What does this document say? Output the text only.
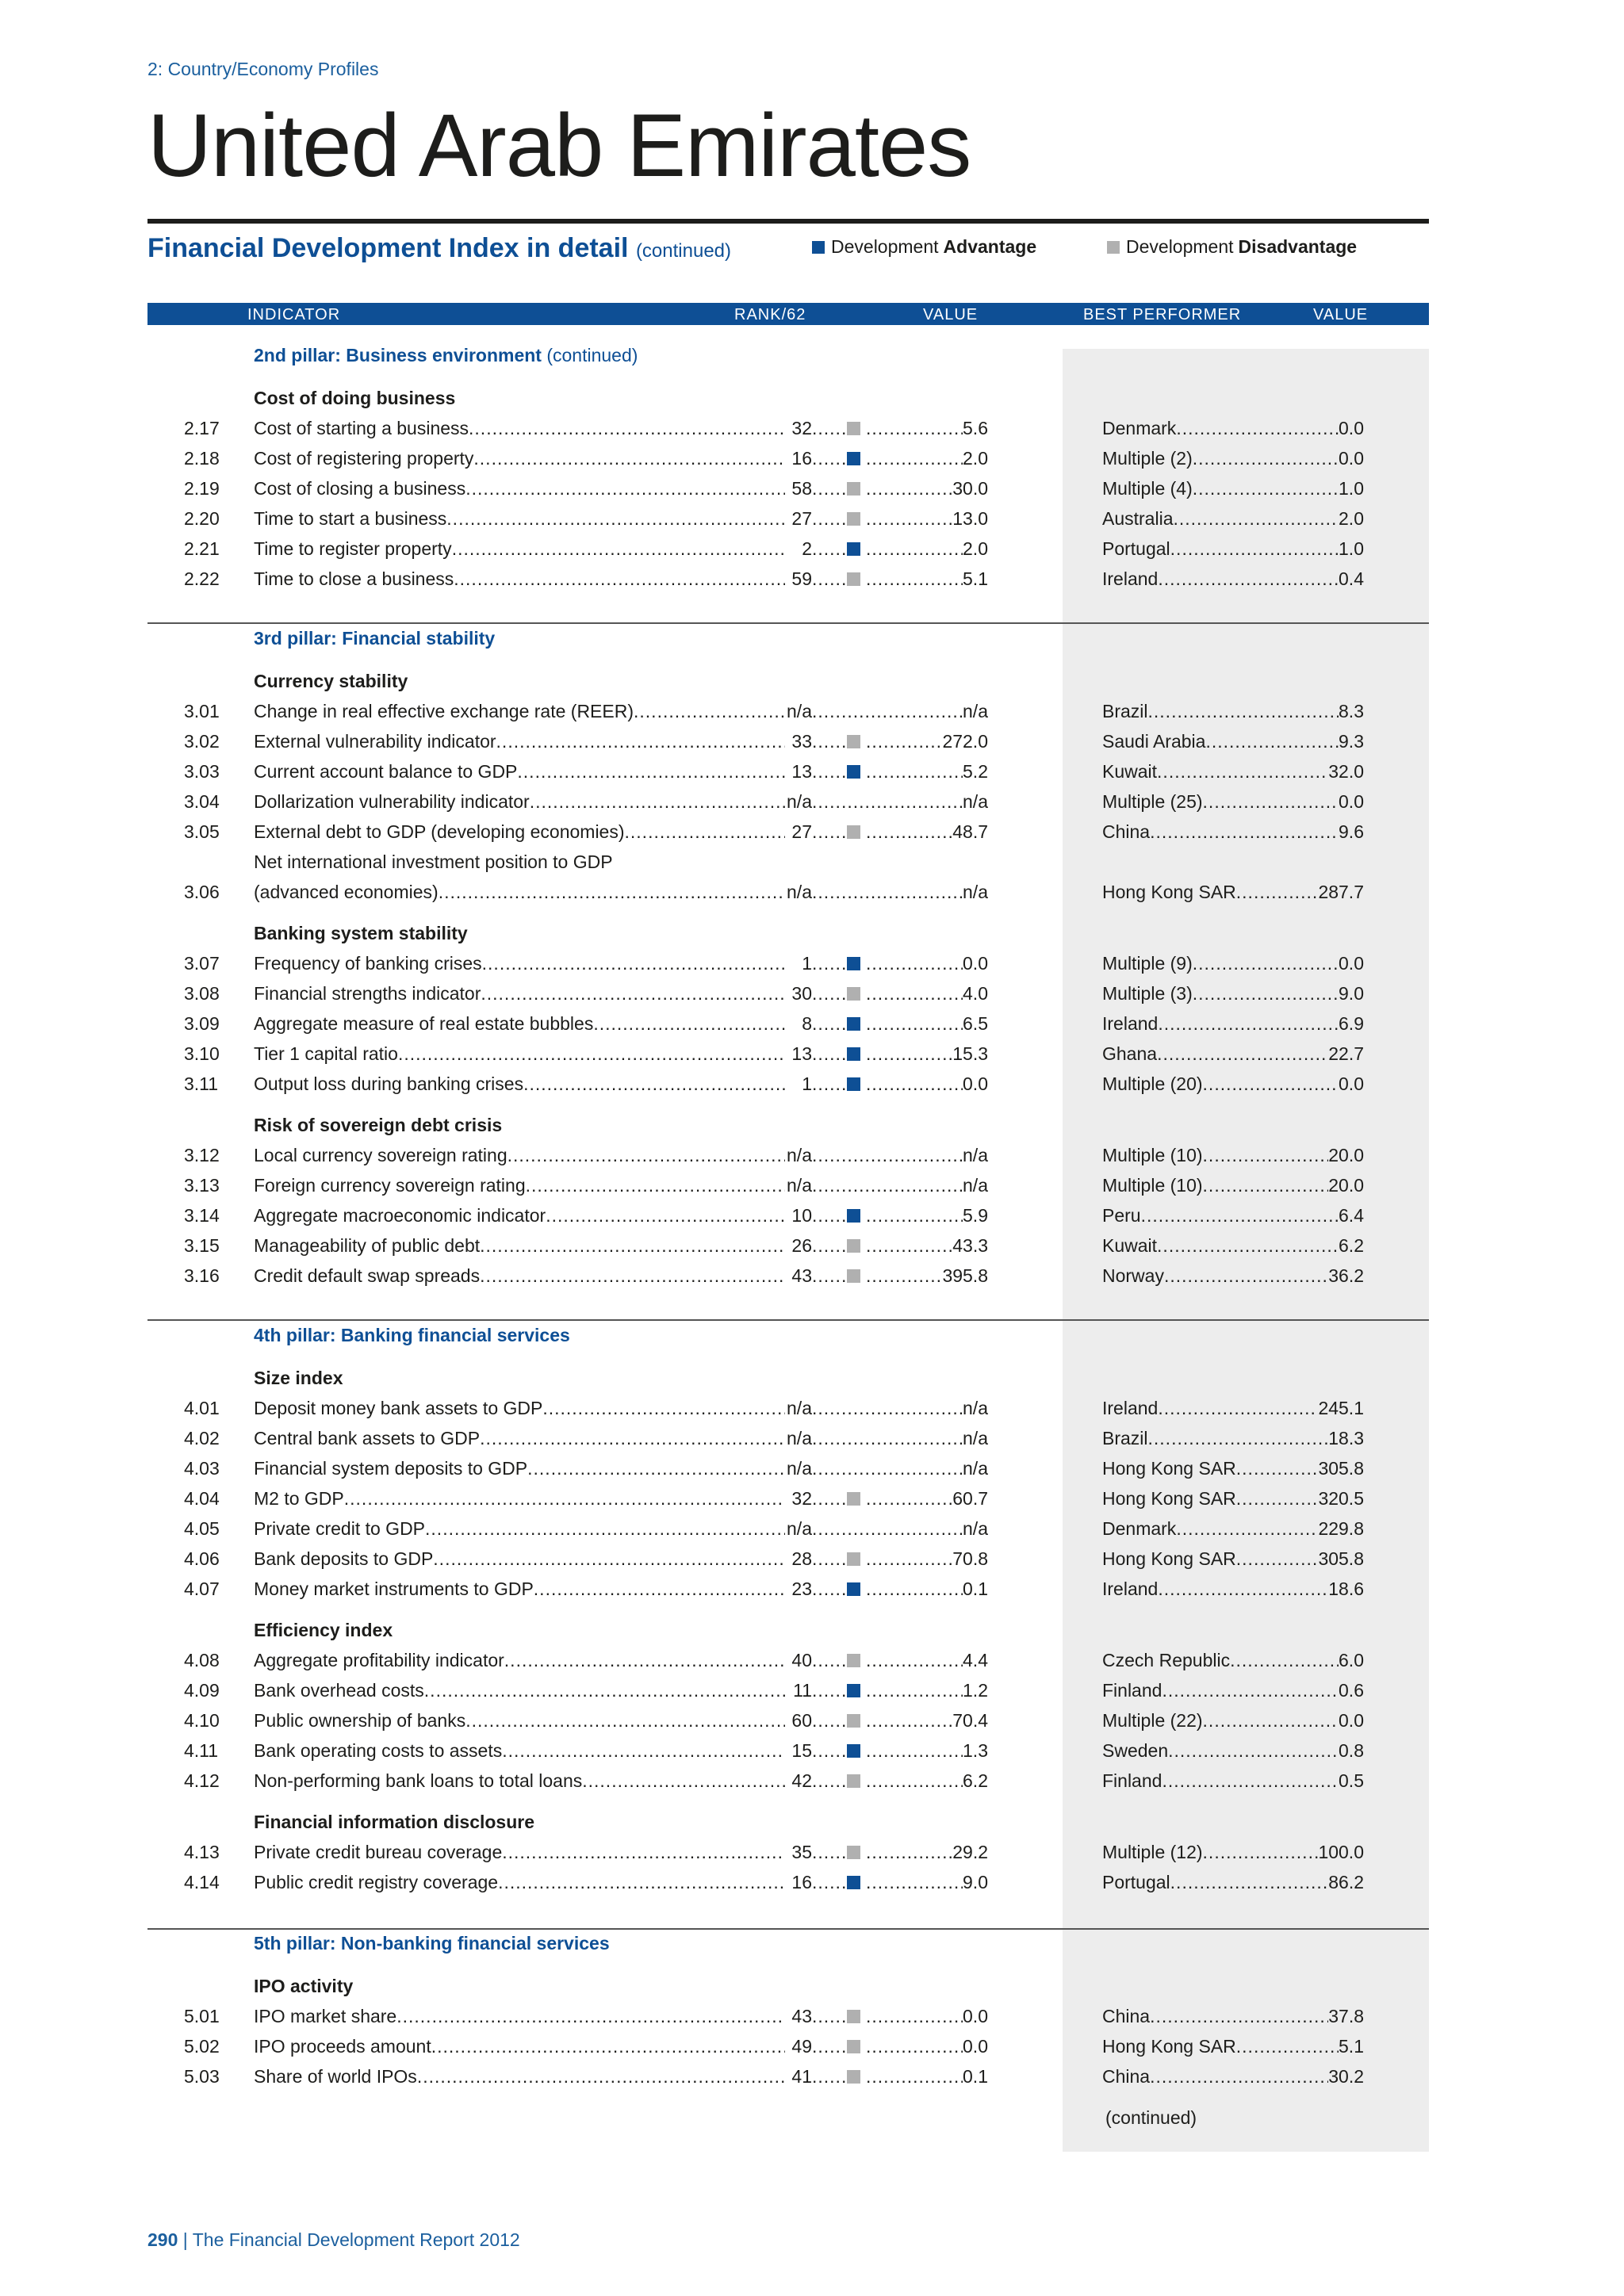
2: Country/Economy Profiles
United Arab Emirates
Financial Development Index in detail (continued)	Development Advantage	Development Disadvantage
INDICATOR	RANK/62	VALUE	BEST PERFORMER	VALUE
2nd pillar: Business environment (continued)
3rd pillar: Financial stability
4th pillar: Banking financial services
5th pillar: Non-banking financial services
Cost of doing business
Currency stability
Banking system stability
Risk of sovereign debt crisis
Size index
Efficiency index
Financial information disclosure
IPO activity
2.17 Cost of starting a business .....	32 ..... .....	5.6	Denmark .....	0.0
2.18 Cost of registering property .....	16 ..... .....	2.0	Multiple (2) .....	0.0
2.19 Cost of closing a business .....	58 ..... .....	30.0	Multiple (4) .....	1.0
2.20 Time to start a business .....	27 ..... .....	13.0	Australia .....	2.0
2.21 Time to register property .....	2 ..... .....	2.0	Portugal .....	1.0
2.22 Time to close a business .....	59 ..... .....	5.1	Ireland .....	0.4
3.01 Change in real effective exchange rate (REER) .....	n/a .....	n/a	Brazil .....	8.3
3.02 External vulnerability indicator .....	33 ..... .....	272.0	Saudi Arabia .....	9.3
3.03 Current account balance to GDP .....	13 ..... .....	5.2	Kuwait .....	32.0
3.04 Dollarization vulnerability indicator .....	n/a .....	n/a	Multiple (25) .....	0.0
3.05 External debt to GDP (developing economies) .....	27 ..... .....	48.7	China .....	9.6
3.06
Net international investment position to GDP
(advanced economies) .....	n/a .....	n/a	Hong Kong SAR .....	287.7
3.07 Frequency of banking crises .....	1 ..... .....	0.0	Multiple (9) .....	0.0
3.08 Financial strengths indicator .....	30 ..... .....	4.0	Multiple (3) .....	9.0
3.09 Aggregate measure of real estate bubbles .....	8 ..... .....	6.5	Ireland .....	6.9
3.10 Tier 1 capital ratio .....	13 ..... .....	15.3	Ghana .....	22.7
3.11 Output loss during banking crises .....	1 ..... .....	0.0	Multiple (20) .....	0.0
3.12 Local currency sovereign rating .....	n/a .....	n/a	Multiple (10) .....	20.0
3.13 Foreign currency sovereign rating .....	n/a .....	n/a	Multiple (10) .....	20.0
3.14 Aggregate macroeconomic indicator .....	10 ..... .....	5.9	Peru .....	6.4
3.15 Manageability of public debt .....	26 ..... .....	43.3	Kuwait .....	6.2
3.16 Credit default swap spreads .....	43 ..... .....	395.8	Norway .....	36.2
4.01 Deposit money bank assets to GDP .....	n/a .....	n/a	Ireland .....	245.1
4.02 Central bank assets to GDP .....	n/a .....	n/a	Brazil .....	18.3
4.03 Financial system deposits to GDP .....	n/a .....	n/a	Hong Kong SAR .....	305.8
4.04 M2 to GDP .....	32 ..... .....	60.7	Hong Kong SAR .....	320.5
4.05 Private credit to GDP .....	n/a .....	n/a	Denmark .....	229.8
4.06 Bank deposits to GDP .....	28 ..... .....	70.8	Hong Kong SAR .....	305.8
4.07 Money market instruments to GDP .....	23 ..... .....	0.1	Ireland .....	18.6
4.08 Aggregate profitability indicator .....	40 ..... .....	4.4	Czech Republic .....	6.0
4.09 Bank overhead costs .....	11 ..... .....	1.2	Finland .....	0.6
4.10 Public ownership of banks .....	60 ..... .....	70.4	Multiple (22) .....	0.0
4.11 Bank operating costs to assets .....	15 ..... .....	1.3	Sweden .....	0.8
4.12 Non-performing bank loans to total loans .....	42 ..... .....	6.2	Finland .....	0.5
4.13 Private credit bureau coverage .....	35 ..... .....	29.2	Multiple (12) .....	100.0
4.14 Public credit registry coverage .....	16 ..... .....	9.0	Portugal .....	86.2
5.01 IPO market share .....	43 ..... .....	0.0	China .....	37.8
5.02 IPO proceeds amount .....	49 ..... .....	0.0	Hong Kong SAR .....	5.1
5.03 Share of world IPOs .....	41 ..... .....	0.1	China .....	30.2
(continued)
290 | The Financial Development Report 2012
